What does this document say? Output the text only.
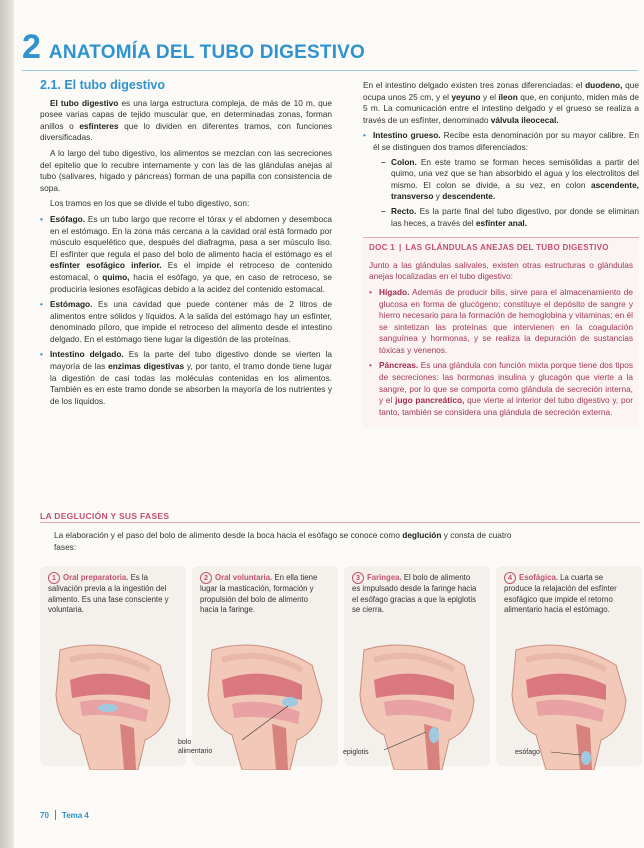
2 ANATOMÍA DEL TUBO DIGESTIVO
2.1. El tubo digestivo

El tubo digestivo es una larga estructura compleja, de más de 10 m, que posee varias capas de tejido muscular que, en determinadas zonas, forman anillos o esfínteres que lo dividen en diferentes tramos, con funciones diversificadas.

A lo largo del tubo digestivo, los alimentos se mezclan con las secreciones del epitelio que lo recubre internamente y con las de las glándulas anejas al tubo (salivares, hígado y páncreas) forman de una papilla con consistencia de sopa.

Los tramos en los que se divide el tubo digestivo, son:

• Esófago. Es un tubo largo que recorre el tórax y el abdomen y desemboca en el estómago. En la zona más cercana a la cavidad oral está formado por músculo esquelético que, después del diafragma, pasa a ser músculo liso. El esfínter que regula el paso del bolo de alimento hacia el estómago es el esfínter esofágico inferior. Es el impide el retroceso de contenido estomacal, o quimo, hacia el esófago, ya que, en caso de retroceso, se produciría lesiones esofágicas debido a la acidez del contenido estomacal.
• Estómago. Es una cavidad que puede contener más de 2 litros de alimentos entre sólidos y líquidos. A la salida del estómago hay un esfínter, denominado píloro, que impide el retroceso del alimento desde el intestino delgado. En el estómago tiene lugar la digestión de las proteínas.
• Intestino delgado. Es la parte del tubo digestivo donde se vierten la mayoría de las enzimas digestivas y, por tanto, el tramo donde tiene lugar la digestión de casi todas las moléculas contenidas en los alimentos. También es en este tramo donde se absorben la mayoría de los nutrientes y de los líquidos.

En el intestino delgado existen tres zonas diferenciadas: el duodeno, que ocupa unos 25 cm, y el yeyuno y el íleon que, en conjunto, miden más de 5 m. La comunicación entre el intestino delgado y el grueso se realiza a través de un esfínter, denominado válvula ileocecal.

• Intestino grueso. Recibe esta denominación por su mayor calibre. En él se distinguen dos tramos diferenciados:
– Colon. En este tramo se forman heces semisólidas a partir del quimo, una vez que se han absorbido el agua y los electrolitos del mismo. El colon se divide, a su vez, en colon ascendente, transverso y descendente.
– Recto. Es la parte final del tubo digestivo, por donde se eliminan las heces, a través del esfínter anal.
DOC 1 | LAS GLÁNDULAS ANEJAS DEL TUBO DIGESTIVO

Junto a las glándulas salivales, existen otras estructuras o glándulas anejas localizadas en el tubo digestivo:

• Hígado. Además de producir bilis, sirve para el almacenamiento de glucosa en forma de glucógeno; constituye el depósito de sangre y hierro necesario para la formación de hemoglobina y vitaminas; en él se sintetizan las proteínas que intervienen en la coagulación sanguínea y hormonas, y se realiza la depuración de sustancias tóxicas y venenos.
• Páncreas. Es una glándula con función mixta porque tiene dos tipos de secreciones: las hormonas insulina y glucagón que vierte a la sangre, por lo que se comporta como glándula de secreción interna, y el jugo pancreático, que vierte al interior del tubo digestivo y, por tanto, también se considera una glándula de secreción externa.
LA DEGLUCIÓN Y SUS FASES
La elaboración y el paso del bolo de alimento desde la boca hacia el esófago se conoce como deglución y consta de cuatro fases:
1 Oral preparatoria. Es la salivación previa a la ingestión del alimento. Es una fase consciente y voluntaria.
2 Oral voluntaria. En ella tiene lugar la masticación, formación y propulsión del bolo de alimento hacia la faringe.
3 Faringea. El bolo de alimento es impulsado desde la faringe hacia el esófago gracias a que la epiglotis se cierra.
4 Esofágica. La cuarta se produce la relajación del esfínter esofágico que impide el retorno alimentario hacia el estómago.
bolo
alimentario	epiglotis	esófago
70 Tema 4
